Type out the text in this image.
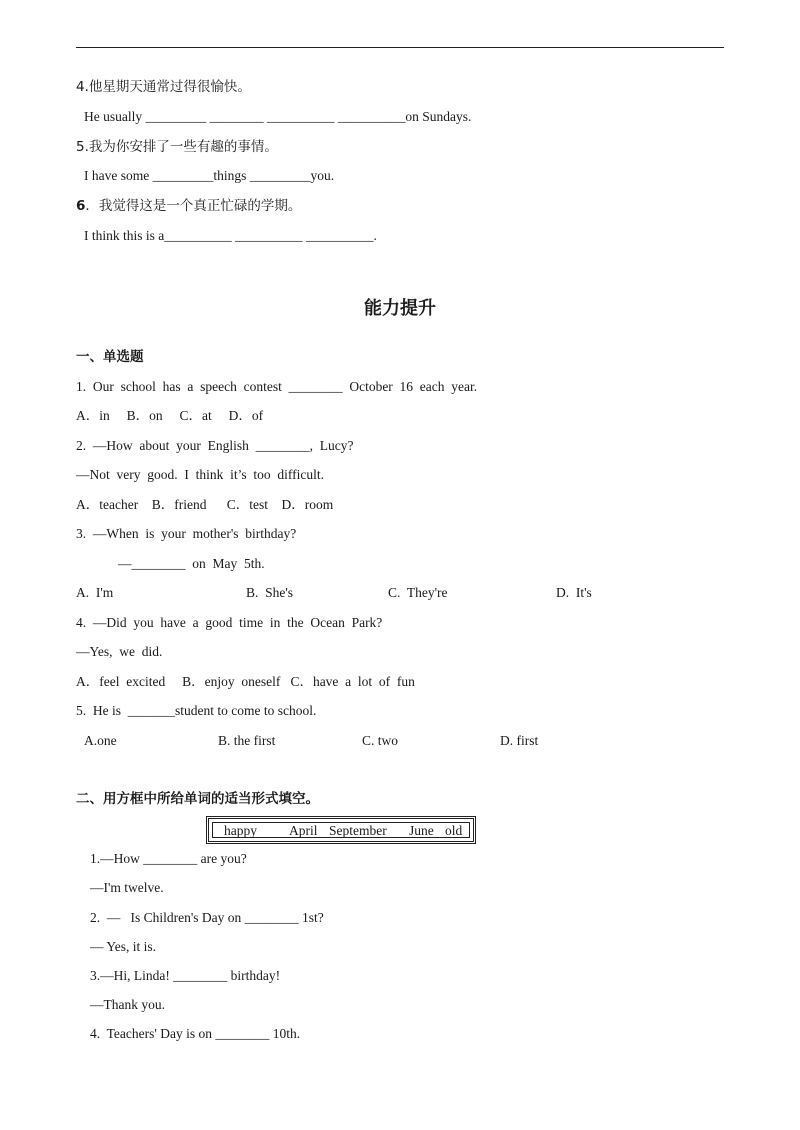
4.他星期天通常过得很愉快。
He usually _________ ________ __________ __________on Sundays.
5.我为你安排了一些有趣的事情。
I have some _________things _________you.
6．我觉得这是一个真正忙碌的学期。
I think this is a__________ __________ __________.
能力提升
一、单选题
1.  Our  school  has  a  speech  contest  ________  October  16  each  year.
A．in     B．on     C．at     D．of
2.  —How  about  your  English  ________,  Lucy?
—Not  very  good.  I  think  it’s  too  difficult.
A．teacher    B．friend      C．test    D．room
3.  —When  is  your  mother's  birthday?
—________  on  May  5th.
A.  I'm	B.  She's	C.  They're	D.  It's
4.  —Did  you  have  a  good  time  in  the  Ocean  Park?
—Yes,  we  did.
A．feel  excited     B．enjoy  oneself   C．have  a  lot  of  fun
5.  He is  _______student to come to school.
A.one	B. the first	C. two	D. first
二、用方框中所给单词的适当形式填空。
happy April September June old
1.—How ________ are you?
—I'm twelve.
2.  —   Is Children's Day on ________ 1st?
— Yes, it is.
3.—Hi, Linda! ________ birthday!
—Thank you.
4.  Teachers' Day is on ________ 10th.
